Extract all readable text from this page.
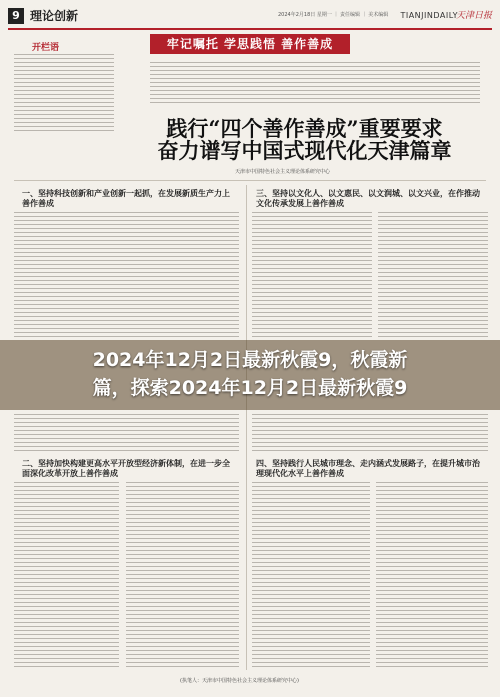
9 理论创新	2024年2月18日 星期一 ｜ 责任编辑 ｜ 美术编辑 TIANJINDAILY
天津日报
开栏语	牢记嘱托 学思践悟 善作善成
践行“四个善作善成”重要要求
奋力谱写中国式现代化天津篇章
天津市中国特色社会主义理论体系研究中心
一、坚持科技创新和产业创新一起抓，在发展新质生产力上善作善成
三、坚持以文化人、以文惠民、以文润城、以文兴业，在作推动文化传承发展上善作善成
2024年12月2日最新秋霞9，秋霞新
篇，探索2024年12月2日最新秋霞9
二、坚持加快构建更高水平开放型经济新体制，在进一步全面深化改革开放上善作善成
四、坚持践行人民城市理念、走内涵式发展路子，在提升城市治理现代化水平上善作善成
(执笔人：天津市中国特色社会主义理论体系研究中心)
